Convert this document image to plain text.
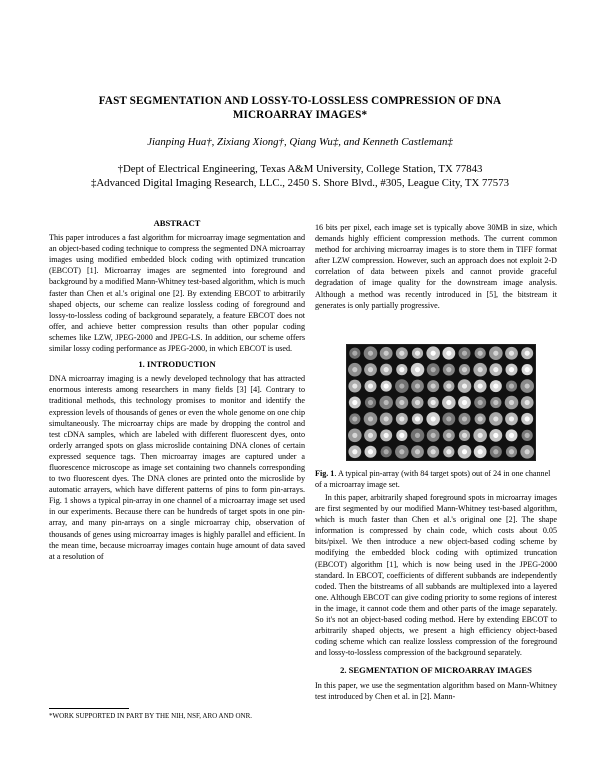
FAST SEGMENTATION AND LOSSY-TO-LOSSLESS COMPRESSION OF DNA MICROARRAY IMAGES*
Jianping Hua†, Zixiang Xiong†, Qiang Wu‡, and Kenneth Castleman‡
†Dept of Electrical Engineering, Texas A&M University, College Station, TX 77843
‡Advanced Digital Imaging Research, LLC., 2450 S. Shore Blvd., #305, League City, TX 77573
ABSTRACT

This paper introduces a fast algorithm for microarray image segmentation and an object-based coding technique to compress the segmented DNA microarray images using modified embedded block coding with optimized truncation (EBCOT) [1]. Microarray images are segmented into foreground and background by a modified Mann-Whitney test-based algorithm, which is much faster than Chen et al.'s original one [2]. By extending EBCOT to arbitrarily shaped objects, our scheme can realize lossless coding of foreground and lossy-to-lossless coding of background separately, a feature EBCOT does not offer, and achieve better compression results than other popular coding schemes like LZW, JPEG-2000 and JPEG-LS. In addition, our scheme offers similar lossy coding performance as JPEG-2000, in which EBCOT is used.

1. INTRODUCTION

DNA microarray imaging is a newly developed technology that has attracted enormous interests among researchers in many fields [3] [4]. Contrary to traditional methods, this technology promises to monitor and identify the expression levels of thousands of genes or even the whole genome on one chip simultaneously. The microarray chips are made by dropping the control and test cDNA samples, which are labeled with different fluorescent dyes, onto orderly arranged spots on glass microslide containing DNA clones of certain expressed sequence tags. Then microarray images are captured under a fluorescence microscope as image set containing two channels corresponding to two fluorescent dyes. The DNA clones are printed onto the microslide by automatic arrayers, which have different patterns of pins to form pin-arrays. Fig. 1 shows a typical pin-array in one channel of a microarray image set used in our experiments. Because there can be hundreds of target spots in one pin-array, and many pin-arrays on a single microarray chip, observation of thousands of genes using microarray images is highly parallel and efficient. In the mean time, because microarray images contain huge amount of data saved at a resolution of

*WORK SUPPORTED IN PART BY THE NIH, NSF, ARO AND ONR.

16 bits per pixel, each image set is typically above 30MB in size, which demands highly efficient compression methods. The current common method for archiving microarray images is to store them in TIFF format after LZW compression. However, such an approach does not exploit 2-D correlation of data between pixels and cannot provide graceful degradation of image quality for the downstream image analysis. Although a method was recently introduced in [5], the bitstream it generates is only partially progressive.

Fig. 1. A typical pin-array (with 84 target spots) out of 24 in one channel of a microarray image set.

In this paper, arbitrarily shaped foreground spots in microarray images are first segmented by our modified Mann-Whitney test-based algorithm, which is much faster than Chen et al.'s original one [2]. The shape information is compressed by chain code, which costs about 0.05 bits/pixel. We then introduce a new object-based coding scheme by modifying the embedded block coding with optimized truncation (EBCOT) algorithm [1], which is now being used in the JPEG-2000 standard. In EBCOT, coefficients of different subbands are independently coded. Then the bitstreams of all subbands are multiplexed into a layered one. Although EBCOT can give coding priority to some regions of interest in the image, it cannot code them and other parts of the image separately. So it's not an object-based coding method. Here by extending EBCOT to arbitrarily shaped objects, we present a high efficiency object-based coding scheme which can realize lossless compression of the foreground and lossy-to-lossless compression of the background separately.

2. SEGMENTATION OF MICROARRAY IMAGES

In this paper, we use the segmentation algorithm based on Mann-Whitney test introduced by Chen et al. in [2]. Mann-
